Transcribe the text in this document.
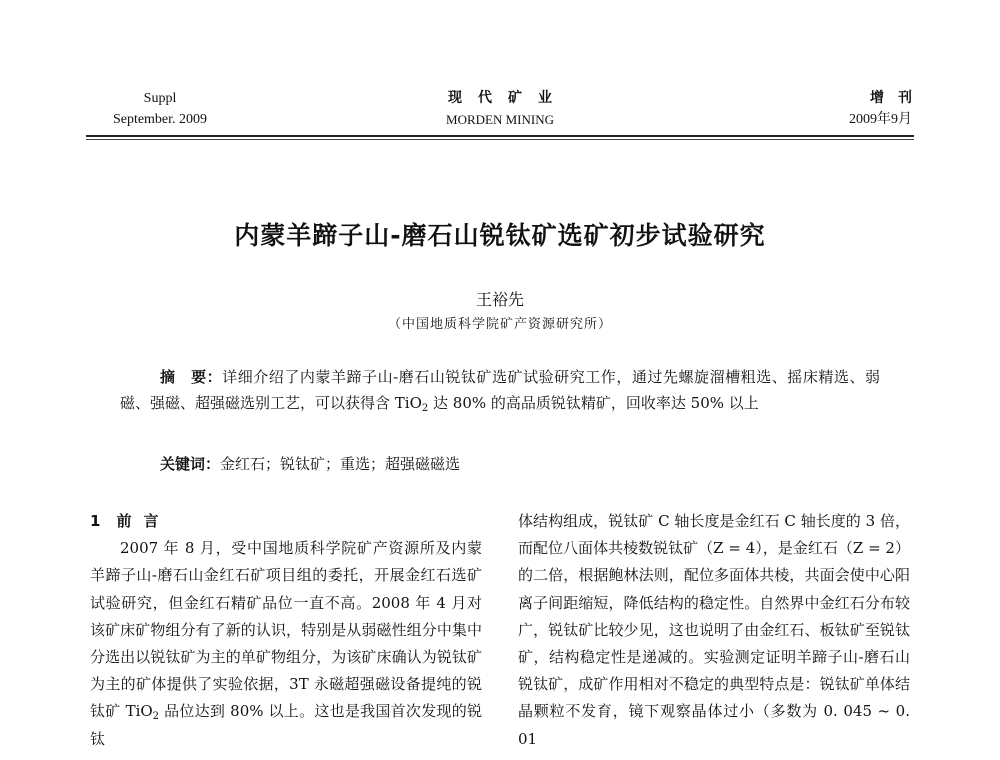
Suppl
September. 2009
现代矿业
MORDEN MINING
增刊
2009年9月
内蒙羊蹄子山-磨石山锐钛矿选矿初步试验研究
王裕先
（中国地质科学院矿产资源研究所）
摘　要：详细介绍了内蒙羊蹄子山-磨石山锐钛矿选矿试验研究工作，通过先螺旋溜槽粗选、摇床精选、弱磁、强磁、超强磁选别工艺，可以获得含 TiO$_2$ 达 80% 的高品质锐钛精矿，回收率达 50% 以上
关键词：金红石；锐钛矿；重选；超强磁磁选
1 前言
2007 年 8 月，受中国地质科学院矿产资源所及内蒙羊蹄子山-磨石山金红石矿项目组的委托，开展金红石选矿试验研究，但金红石精矿品位一直不高。2008 年 4 月对该矿床矿物组分有了新的认识，特别是从弱磁性组分中集中分选出以锐钛矿为主的单矿物组分，为该矿床确认为锐钛矿为主的矿体提供了实验依据，3T 永磁超强磁设备提纯的锐钛矿 TiO$_2$ 品位达到 80% 以上。这也是我国首次发现的锐钛
体结构组成，锐钛矿 C 轴长度是金红石 C 轴长度的 3 倍，而配位八面体共棱数锐钛矿（Z = 4），是金红石（Z = 2）的二倍，根据鲍林法则，配位多面体共棱，共面会使中心阳离子间距缩短，降低结构的稳定性。自然界中金红石分布较广，锐钛矿比较少见，这也说明了由金红石、板钛矿至锐钛矿，结构稳定性是递减的。实验测定证明羊蹄子山-磨石山锐钛矿，成矿作用相对不稳定的典型特点是：锐钛矿单体结晶颗粒不发育，镜下观察晶体过小（多数为 0. 045 ~ 0. 01
